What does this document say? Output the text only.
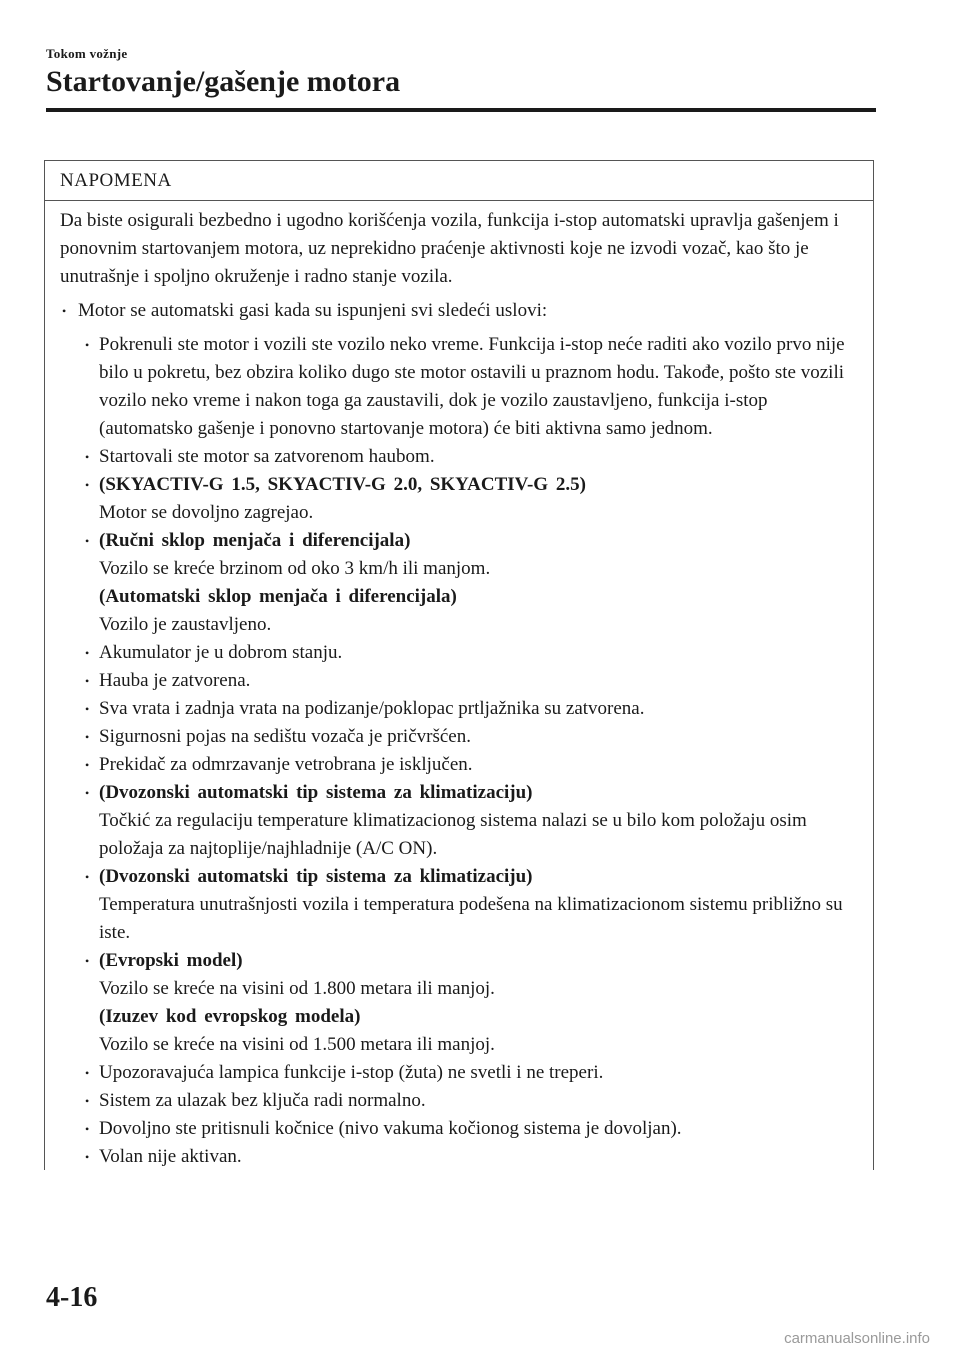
Tokom vožnje
Startovanje/gašenje motora
NAPOMENA

Da biste osigurali bezbedno i ugodno korišćenja vozila, funkcija i-stop automatski upravlja gašenjem i ponovnim startovanjem motora, uz neprekidno praćenje aktivnosti koje ne izvodi vozač, kao što je unutrašnje i spoljno okruženje i radno stanje vozila.

• Motor se automatski gasi kada su ispunjeni svi sledeći uslovi:
• Pokrenuli ste motor i vozili ste vozilo neko vreme. Funkcija i-stop neće raditi ako vozilo prvo nije bilo u pokretu, bez obzira koliko dugo ste motor ostavili u praznom hodu. Takođe, pošto ste vozili vozilo neko vreme i nakon toga ga zaustavili, dok je vozilo zaustavljeno, funkcija i-stop (automatsko gašenje i ponovno startovanje motora) će biti aktivna samo jednom.
• Startovali ste motor sa zatvorenom haubom.
• (SKYACTIV-G 1.5, SKYACTIV-G 2.0, SKYACTIV-G 2.5)
Motor se dovoljno zagrejao.
• (Ručni sklop menjača i diferencijala)
Vozilo se kreće brzinom od oko 3 km/h ili manjom.
(Automatski sklop menjača i diferencijala)
Vozilo je zaustavljeno.
• Akumulator je u dobrom stanju.
• Hauba je zatvorena.
• Sva vrata i zadnja vrata na podizanje/poklopac prtljažnika su zatvorena.
• Sigurnosni pojas na sedištu vozača je pričvršćen.
• Prekidač za odmrzavanje vetrobrana je isključen.
• (Dvozonski automatski tip sistema za klimatizaciju)
Točkić za regulaciju temperature klimatizacionog sistema nalazi se u bilo kom položaju osim položaja za najtoplije/najhladnije (A/C ON).
• (Dvozonski automatski tip sistema za klimatizaciju)
Temperatura unutrašnjosti vozila i temperatura podešena na klimatizacionom sistemu približno su iste.
• (Evropski model)
Vozilo se kreće na visini od 1.800 metara ili manjoj.
(Izuzev kod evropskog modela)
Vozilo se kreće na visini od 1.500 metara ili manjoj.
• Upozoravajuća lampica funkcije i-stop (žuta) ne svetli i ne treperi.
• Sistem za ulazak bez ključa radi normalno.
• Dovoljno ste pritisnuli kočnice (nivo vakuma kočionog sistema je dovoljan).
• Volan nije aktivan.
4-16
carmanualsonline.info
